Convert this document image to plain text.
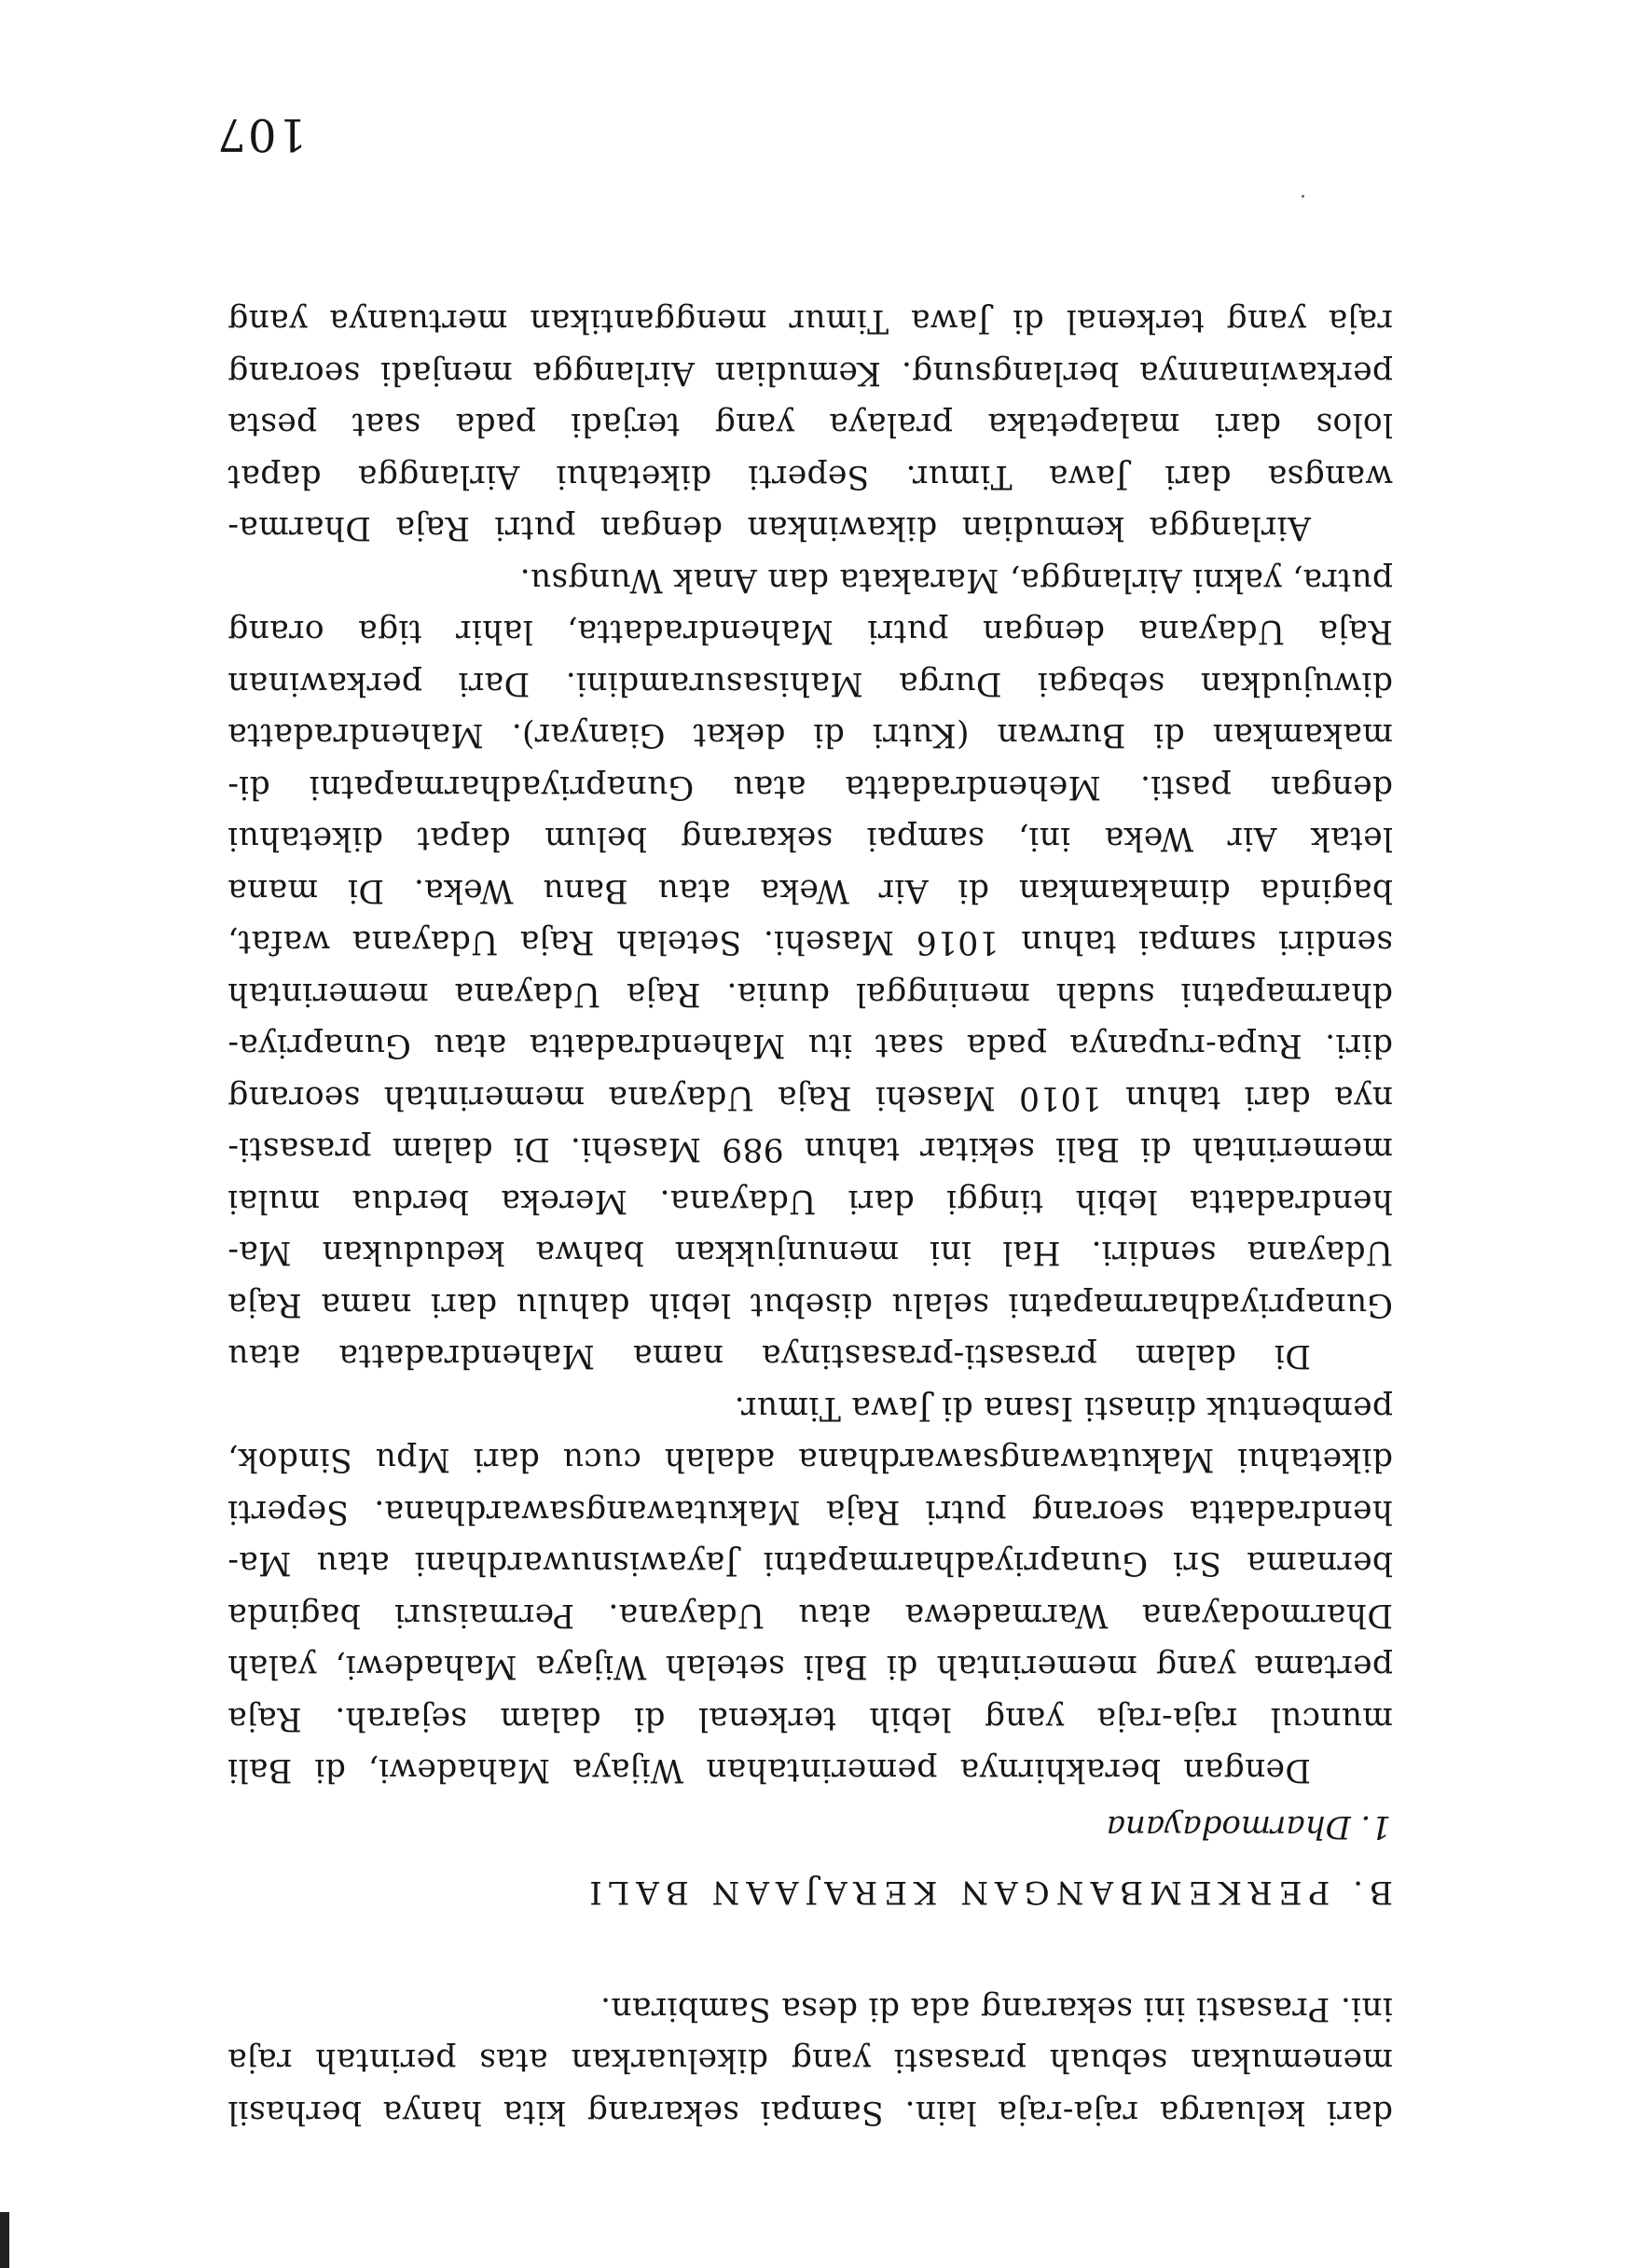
dari keluarga raja-raja lain. Sampai sekarang kita hanya berhasil
menemukan sebuah prasasti yang dikeluarkan atas perintah raja
ini. Prasasti ini sekarang ada di desa Sambiran.
B. PERKEMBANGAN KERAJAAN BALI
1. Dharmodayana
Dengan berakhirnya pemerintahan Wijaya Mahadewi, di Bali
muncul raja-raja yang lebih terkenal di dalam sejarah. Raja
pertama yang memerintah di Bali setelah Wijaya Mahadewi, yalah
Dharmodayana Warmadewa atau Udayana. Permaisuri baginda
bernama Sri Gunapriyadharmapatni Jayawisnuwardhani atau Ma-
hendradatta seorang putri Raja Makutawangsawardhana. Seperti
diketahui Makutawangsawardhana adalah cucu dari Mpu Sindok,
pembentuk dinasti Isana di Jawa Timur.
Di dalam prasasti-prasastinya nama Mahendradatta atau
Gunapriyadharmapatni selalu disebut lebih dahulu dari nama Raja
Udayana sendiri. Hal ini menunjukkan bahwa kedudukan Ma-
hendradatta lebih tinggi dari Udayana. Mereka berdua mulai
memerintah di Bali sekitar tahun 989 Masehi. Di dalam prasasti-
nya dari tahun 1010 Masehi Raja Udayana memerintah seorang
diri. Rupa-rupanya pada saat itu Mahendradatta atau Gunapriya-
dharmapatni sudah meninggal dunia. Raja Udayana memerintah
sendiri sampai tahun 1016 Masehi. Setelah Raja Udayana wafat,
baginda dimakamkan di Air Weka atau Banu Weka. Di mana
letak Air Weka ini, sampai sekarang belum dapat diketahui
dengan pasti. Mehendradatta atau Gunapriyadharmapatni di-
makamkan di Burwan (Kutri di dekat Gianyar). Mahendradatta
diwujudkan sebagai Durga Mahisasuramdini. Dari perkawinan
Raja Udayana dengan putri Mahendradatta, lahir tiga orang
putra, yakni Airlangga, Marakata dan Anak Wungsu.
Airlangga kemudian dikawinkan dengan putri Raja Dharma-
wangsa dari Jawa Timur. Seperti diketahui Airlangga dapat
lolos dari malapetaka pralaya yang terjadi pada saat pesta
perkawinannya berlangsung. Kemudian Airlangga menjadi seorang
raja yang terkenal di Jawa Timur menggantikan mertuanya yang
107
